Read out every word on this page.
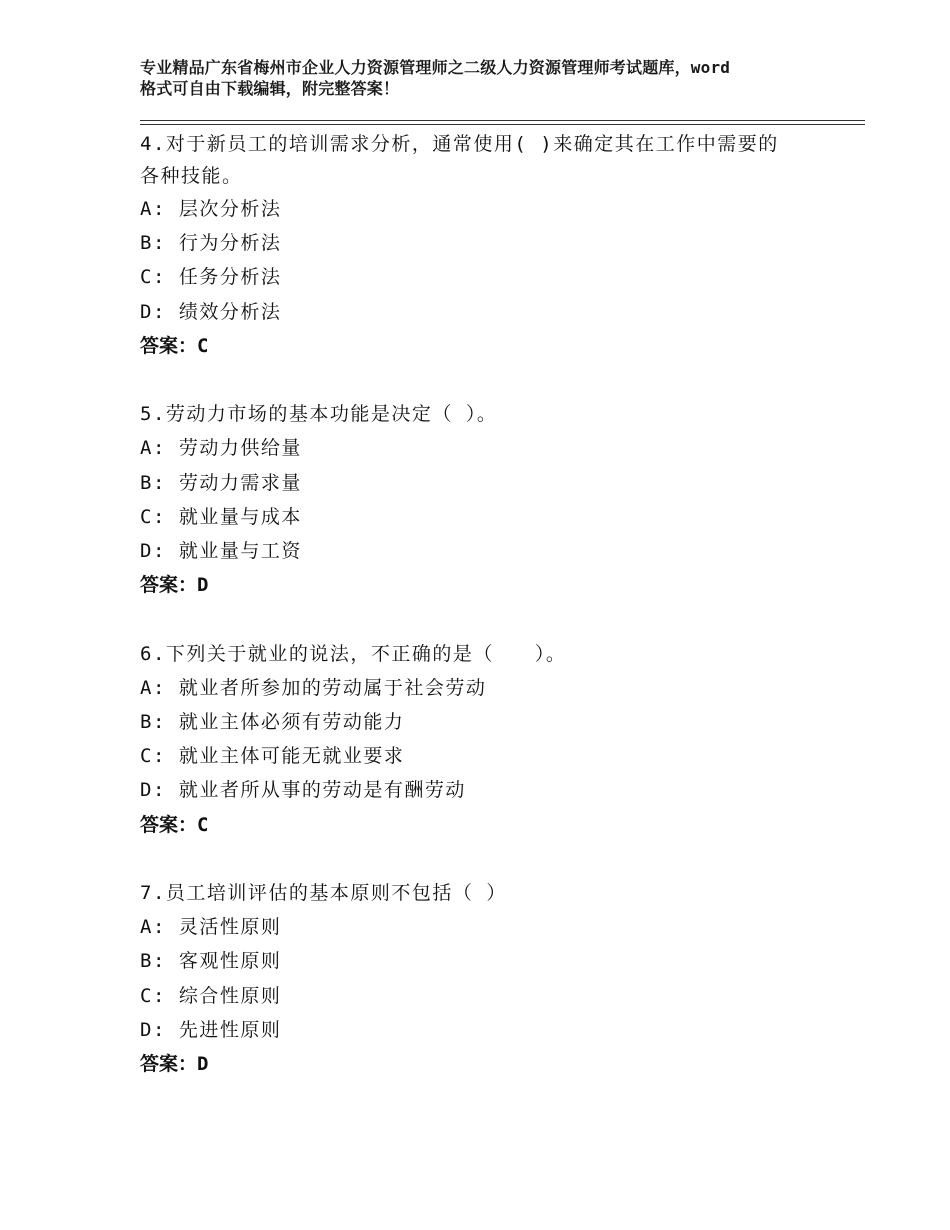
专业精品广东省梅州市企业人力资源管理师之二级人力资源管理师考试题库，word
格式可自由下载编辑，附完整答案！
4.对于新员工的培训需求分析，通常使用( )来确定其在工作中需要的
各种技能。
A: 层次分析法
B: 行为分析法
C: 任务分析法
D: 绩效分析法
答案：C
5.劳动力市场的基本功能是决定（ ）。
A: 劳动力供给量
B: 劳动力需求量
C: 就业量与成本
D: 就业量与工资
答案：D
6.下列关于就业的说法，不正确的是（　　）。
A: 就业者所参加的劳动属于社会劳动
B: 就业主体必须有劳动能力
C: 就业主体可能无就业要求
D: 就业者所从事的劳动是有酬劳动
答案：C
7.员工培训评估的基本原则不包括（ ）
A: 灵活性原则
B: 客观性原则
C: 综合性原则
D: 先进性原则
答案：D
